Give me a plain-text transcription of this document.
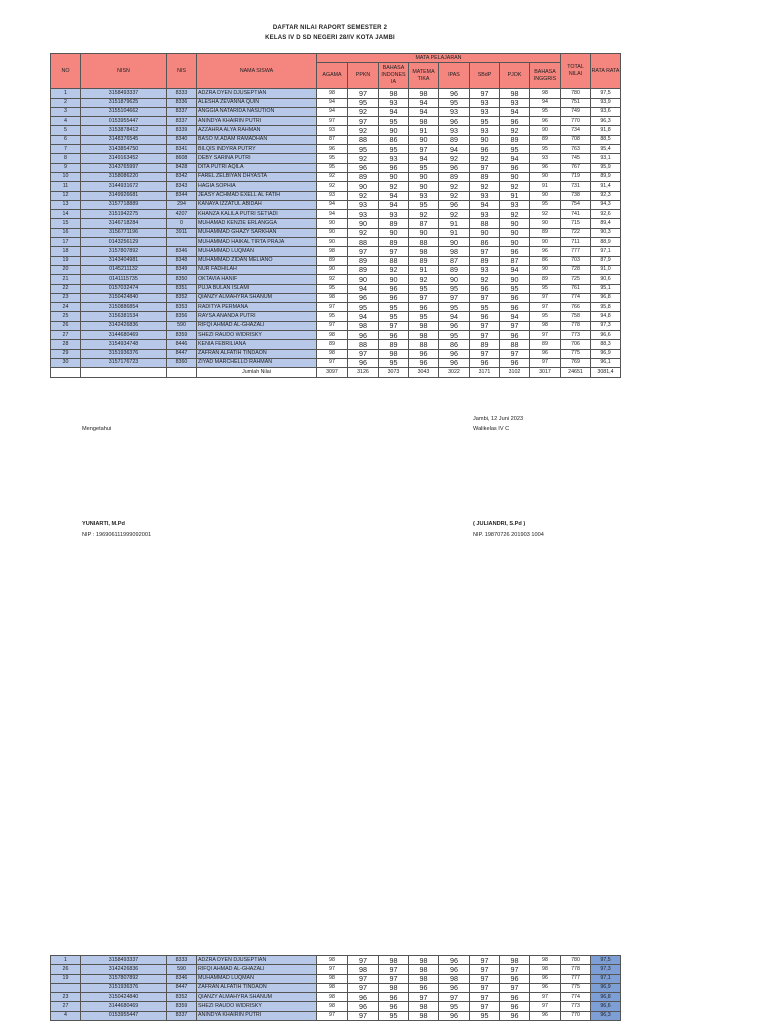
DAFTAR NILAI RAPORT SEMESTER 2
KELAS IV D SD NEGERI 28/IV KOTA JAMBI
NO	NISN	NIS	NAMA SISWA	MATA PELAJARAN								TOTAL NILAI	RATA RATA
				AGAMA	PPKN	BAHASA INDONES IA	MATEMA TIKA	IPAS	SBdP	PJOK	BAHASA INGGRIS		
1	3158493337	8333	ADZRA DYEN DJUSEPTIAN	98	97	98	98	96	97	98	98	780	97,5
2	3151879625	8336	ALESHA ZEVANNA QUIN	94	95	93	94	95	93	93	94	751	93,9
3	3155104662	8337	ANGGIA NATARIDA NASUTION	94	92	94	94	93	93	94	95	749	93,6
4	0153955447	8337	ANINDYA KHAIRIN PUTRI	97	97	95	98	96	95	96	96	770	96,3
5	3153878412	8339	AZZAHRA ALYA RAHMAN	93	92	90	91	93	93	92	90	734	91,8
6	3148376545	8340	BASO M.ADAM RAMADHAN	87	88	86	90	89	90	89	89	708	88,5
7	3143854750	8341	BILQIS INDYRA PUTRY	96	95	95	97	94	96	95	95	763	95,4
8	3149163452	8608	DEBY SARINA PUTRI	95	92	93	94	92	92	94	93	745	93,1
9	3143765997	8428	DITA PUTRI AQILA	95	96	96	95	96	97	96	96	767	95,9
10	3158086220	8342	FAREL ZELBIYAN DHYASTA	92	89	90	90	89	89	90	90	719	89,9
11	3144931672	8343	HAGIA SOPHIA	92	90	92	90	92	92	92	91	731	91,4
12	3149926681	8344	JEASY ACHMAD EXELL AL FATIH	93	92	94	93	92	93	91	90	738	92,3
13	3157718889	294	KANAYA IZZATUL ABIDAH	94	93	94	95	96	94	93	95	754	94,3
14	3151942275	4207	KHANZA KALILA PUTRI SETIADI	94	93	93	92	92	93	92	92	741	92,6
15	3146718284	0	MUHAMAD KENZIE ERLANGGA	90	90	89	87	91	88	90	90	715	89,4
16	3156771196	3911	MUHAMMAD GHAZY SARKHAN	90	92	90	90	91	90	90	89	722	90,3
17	0143256129		MUHAMMAD HAIKAL TIRTA PRAJA	90	88	89	88	90	86	90	90	711	88,9
18	3157807892	8346	MUHAMMAD LUQMAN	98	97	97	98	98	97	96	96	777	97,1
19	3143404981	8348	MUHAMMAD ZIDAN MELIANO	89	89	88	89	87	89	87	86	703	87,9
20	0145211132	8349	NUR FADHILAH	90	89	92	91	89	93	94	90	728	91,0
21	0141115735	8350	OKTAVIA HANIF	92	90	90	92	90	92	90	89	725	90,6
22	0157032474	8351	PUJA BULAN ISLAMI	95	94	96	95	95	96	95	95	761	95,1
23	3150424840	8352	QIANZY ALMAHYRA SHANUM	98	96	96	97	97	97	96	97	774	96,8
24	3150886854	8353	RADITYA PERMANA	97	95	95	96	95	95	96	97	766	95,8
25	3156381534	8356	RAYSA ANANDA PUTRI	95	94	95	95	94	96	94	95	758	94,8
26	3142426836	590	RIFQI AHMAD AL-GHAZALI	97	98	97	98	96	97	97	98	778	97,3
27	3144680469	8359	SHEZI RAUDO WIDRISKY	98	96	96	98	95	97	96	97	773	96,6
28	3154934748	8446	KENIA FEBRILIANA	89	88	89	88	86	89	88	89	706	88,3
29	3151936376	8447	ZAFRAN ALFATIH TINDAON	98	97	98	96	96	97	97	96	775	96,9
30	3157176723	8360	ZIYAD MARCHELLO RAHMAN	97	96	95	96	96	96	96	97	769	96,1
			Jumlah Nilai	3097	3126	3073	3043	3022	3171	3102	3017	24651	3081,4
Jambi, 12 Juni 2023
Mengetahui	Walikelas IV C
YUNIARTI, M.Pd	( JULIANDRI, S.Pd )
NIP : 196906111999092001	NIP. 19870726 201903 1004
1	3158493337	8333	ADZRA DYEN DJUSEPTIAN	98	97	98	98	96	97	98	98	780	97,5
26	3142426836	590	RIFQI AHMAD AL-GHAZALI	97	98	97	98	96	97	97	98	778	97,3
19	3157807892	8346	MUHAMMAD LUQMAN	98	97	97	98	98	97	96	96	777	97,1
	3151936376	8447	ZAFRAN ALFATIH TINDAON	98	97	98	96	96	97	97	96	775	96,9
23	3150424840	8352	QIANZY ALMAHYRA SHANUM	98	96	96	97	97	97	96	97	774	96,8
27	3144680469	8359	SHEZI RAUDO WIDRISKY	98	96	96	98	95	97	96	97	773	96,6
4	0153955447	8337	ANINDYA KHAIRIN PUTRI	97	97	95	98	96	95	96	96	770	96,3
